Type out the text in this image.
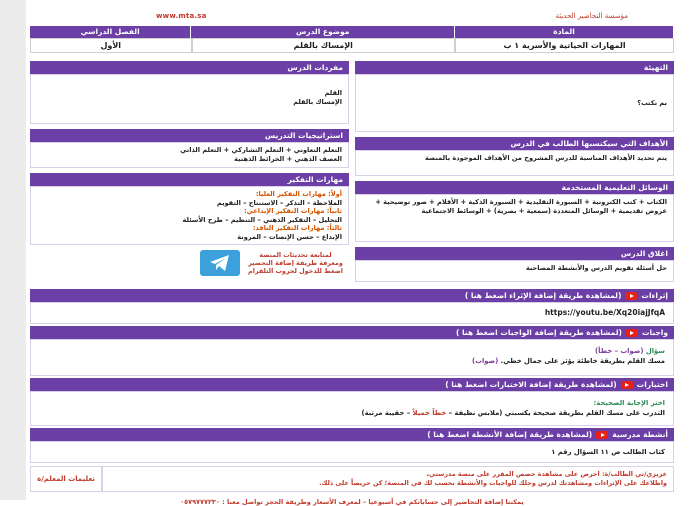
www.mta.sa	مؤسسة التحاضير الحديثة
المادة
موضوع الدرس
الفصل الدراسي
المهارات الحياتية والأسرية ١ ب
الإمساك بالقلم
الأول
التهيئة
بم نكتب؟
الأهداف التي سيكتسبها الطالب في الدرس
يتم تحديد الأهداف المناسبة للدرس المشروح من الأهداف الموجودة بالمنصة
الوسائل التعليمية المستخدمة
الكتاب + كتب الكترونية + السبورة التقليدية + السبورة الذكية + الأقلام + صور توضيحية + عروض تقديمية + الوسائل المتعددة (سمعية + بصرية) + الوسائط الاجتماعية
اغلاق الدرس
حل أسئلة تقويم الدرس والأنشطة المصاحبة
مفردات الدرس
القلم
الإمساك بالقلم
استراتيجيات التدريس
التعلم التعاوني + التعلم التشاركي + التعلم الذاتي
العصف الذهني + الخرائط الذهنية
مهارات التفكير
أولاً: مهارات التفكير العليا:
الملاحظة – التذكر – الاستنتاج – التقويم
ثانياً: مهارات التفكير الإبداعي:
التحليل – التفكير الذهني – التنظيم – طرح الأسئلة
ثالثاً: مهارات التفكير الناقد:
الإبداع – حسن الإنصات – المرونة
لمتابعة تحديثات المنصة
ومعرفة طريقة إضافة التحضير
اضغط للدخول لجروب التلقرام
إثراءات
(لمشاهدة طريقة إضافة الإثراء اضغط هنا )
https://youtu.be/Xq20iajJfqA
واجبات
(لمشاهدة طريقة إضافة الواجبات اضغط هنا )
سؤال (صواب – خطأ)
مسك القلم بطريقة خاطئة يؤثر على جمال خطي. (صواب)
اختبارات
(لمشاهدة طريقة إضافة الاختبارات اضغط هنا )
اختر الإجابة الصحيحة:
التدرب على مسك القلم بطريقة صحيحة يكسبني (ملابس نظيفة – خطاً جميلاً – حقيبة مرتبة)
أنشطة مدرسية
(لمشاهدة طريقة إضافة الأنشطة اضغط هنا )
كتاب الطالب ص ١١ السؤال رقم ١
عزيزي/تي الطالب/ة: احرص على مشاهدة حصص المقرر على منصة مدرستي،
واطلاعك على الإثراءات ومشاهدتك لدرس وحلك للواجبات والأنشطة بحسب لك في المنصة؛ كن حريصاً على ذلك.
تعليمات المعلم/ة
يمكننا إضافة التحاضير إلى حساباتكم في أسبوعيا – لمعرف الأسعار وطريقة الحجز تواصل معنا : ٠٥٧٩٧٧٧٢٣٠
